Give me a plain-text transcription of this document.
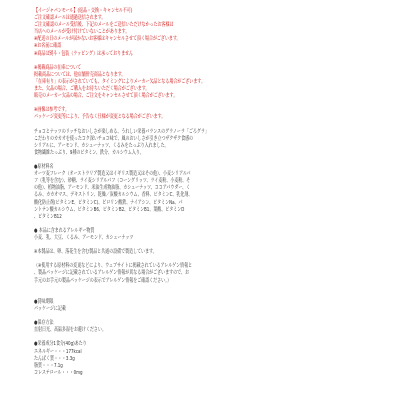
【イージャパンモール】(返品・交換・キャンセル不可)
ご注文確認メールは通過送信されます。
ご注文確認のメール受信後、下記のメールをご送信いただけなかったお客様は
当店へのメールが受け付けていないことがあります。
※配送の日のメールが届かないお客様はキャンセルさせて頂く場合がございます。
※お名前に確認
※商品は熨斗・包装（ラッピング）は承っておりません
※掲載商品の在庫について
掲載商品については、他店舗併売商品となります。
「在庫有り」の表示がされていても、タイミングによりメーカー欠品となる場合がございます。
また、欠品の場合、ご購入をお待ちいただく場合がございます。
販売のメーカー欠品の場合、ご注文をキャンセルさせて頂く場合がございます。
※画像は参考です。
パッケージ変更等により、予告なく仕様が変更となる場合がございます。
チョコとナッツのリッチなおいしさが楽しめる、うれしい栄養バランスのグラノーラ「ごろグラ」
こだわりのカカオを使ったコク深いチョコ味で、風のおいしさが引き立つザクザク食感の
シリアルに、アーモンド、カシューナッツ、くるみをたっぷり入れました。
食物繊維たっぷり、9種のビタミン、鉄分、カルシウム入り。
●原材料名
オーツ麦フレーク（オーストラリア製造又はイギリス製造又はその他）、小麦シリアルパ
フ（乳等を含む）、砂糖、ライ麦シリアルパフ（コーングリッツ、ライ麦粉、小麦粉、そ
の他）、植物油脂、アーモンド、米油生成物油脂、カシューナッツ、ココアパウダー、く
るみ、カカオマス、デキストリン、乾燥／炭酸カルシウム、香料、ビタミンC、乳化剤、
酸化防止剤(ビタミンE、ビタミンC)、ピロリン酸鉄、ナイアシン、ビタミンNa、パ
ントテン酸カルシウム、ビタミンB6、ビタミンB2、ビタミンB1、葉酸、ビタミンD
、ビタミンB12
● 本品に含まれるアレルギー物質
小麦、乳、大豆、くるみ、アーモンド、カシューナッツ
※本製品は、卵、落花生を含む製品と共通の設備で製造しています。
（※使用する原材料の変更などにより、ウェブサイトに掲載されているアレルゲン情報と
、製品パッケージに記載されているアレルゲン情報が異なる場合がございますので、お
手元のお手元の製品パッケージの表示でアレルゲン情報をご確認ください。）
●賞味期限
パッケージに記載
●保存方法
直射日光、高温多湿をお避けください。
●栄養成分1食分(40g)あたり
エネルギー・・・177kcal
たんぱく質・・・3.3g
脂質・・・7.1g
コレステロール・・・0mg
